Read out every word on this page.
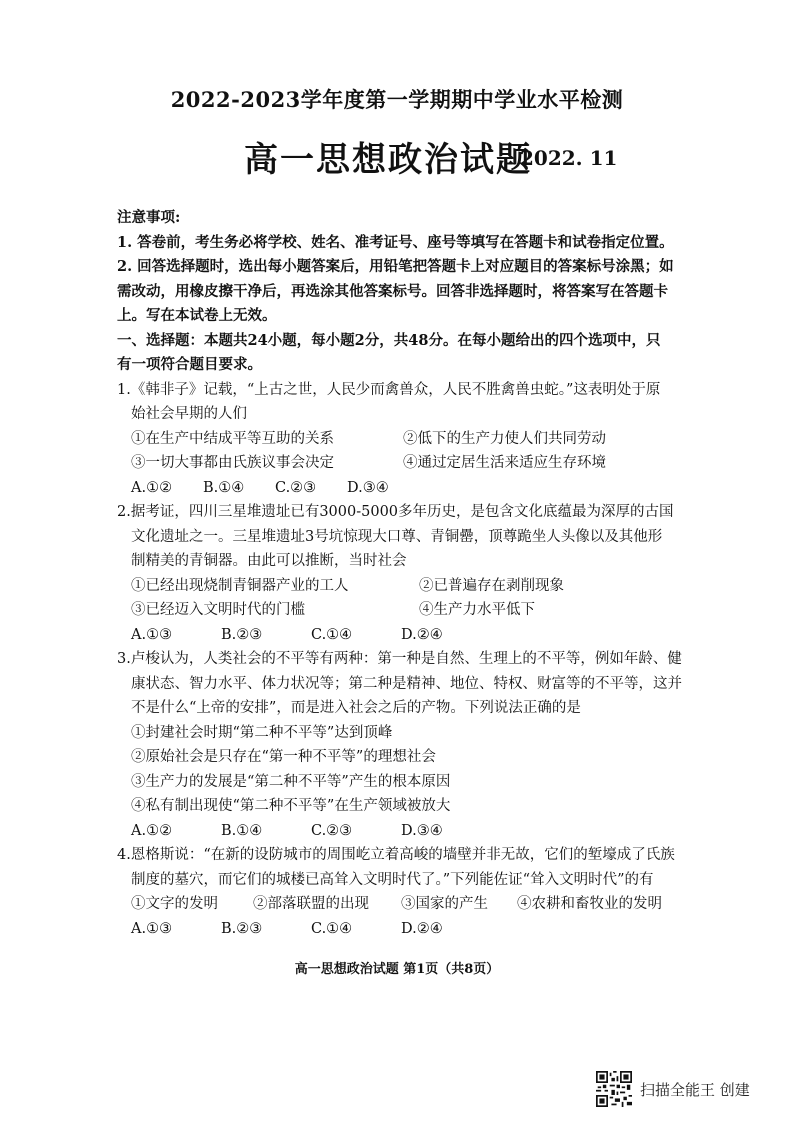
2022-2023学年度第一学期期中学业水平检测
高一思想政治试题
2022. 11
注意事项:
1. 答卷前，考生务必将学校、姓名、准考证号、座号等填写在答题卡和试卷指定位置。
2. 回答选择题时，选出每小题答案后，用铅笔把答题卡上对应题目的答案标号涂黑；如
需改动，用橡皮擦干净后，再选涂其他答案标号。回答非选择题时，将答案写在答题卡
上。写在本试卷上无效。
一、选择题：本题共24小题，每小题2分，共48分。在每小题给出的四个选项中，只
有一项符合题目要求。
1.《韩非子》记载，“上古之世，人民少而禽兽众，人民不胜禽兽虫蛇。”这表明处于原
始社会早期的人们
①在生产中结成平等互助的关系	②低下的生产力使人们共同劳动
③一切大事都由氏族议事会决定	④通过定居生活来适应生存环境
A.①②	B.①④	C.②③	D.③④
2.据考证，四川三星堆遗址已有3000-5000多年历史，是包含文化底蕴最为深厚的古国
文化遗址之一。三星堆遗址3号坑惊现大口尊、青铜罍，顶尊跪坐人头像以及其他形
制精美的青铜器。由此可以推断，当时社会
①已经出现烧制青铜器产业的工人	②已普遍存在剥削现象
③已经迈入文明时代的门槛	④生产力水平低下
A.①③	B.②③	C.①④	D.②④
3.卢梭认为，人类社会的不平等有两种：第一种是自然、生理上的不平等，例如年龄、健
康状态、智力水平、体力状况等；第二种是精神、地位、特权、财富等的不平等，这并
不是什么“上帝的安排”，而是进入社会之后的产物。下列说法正确的是
①封建社会时期“第二种不平等”达到顶峰
②原始社会是只存在“第一种不平等”的理想社会
③生产力的发展是“第二种不平等”产生的根本原因
④私有制出现使“第二种不平等”在生产领域被放大
A.①②	B.①④	C.②③	D.③④
4.恩格斯说：“在新的设防城市的周围屹立着高峻的墙壁并非无故，它们的堑壕成了氏族
制度的墓穴，而它们的城楼已高耸入文明时代了。”下列能佐证“耸入文明时代”的有
①文字的发明	②部落联盟的出现	③国家的产生	④农耕和畜牧业的发明
A.①③	B.②③	C.①④	D.②④
高一思想政治试题 第1页（共8页）
扫描全能王 创建
